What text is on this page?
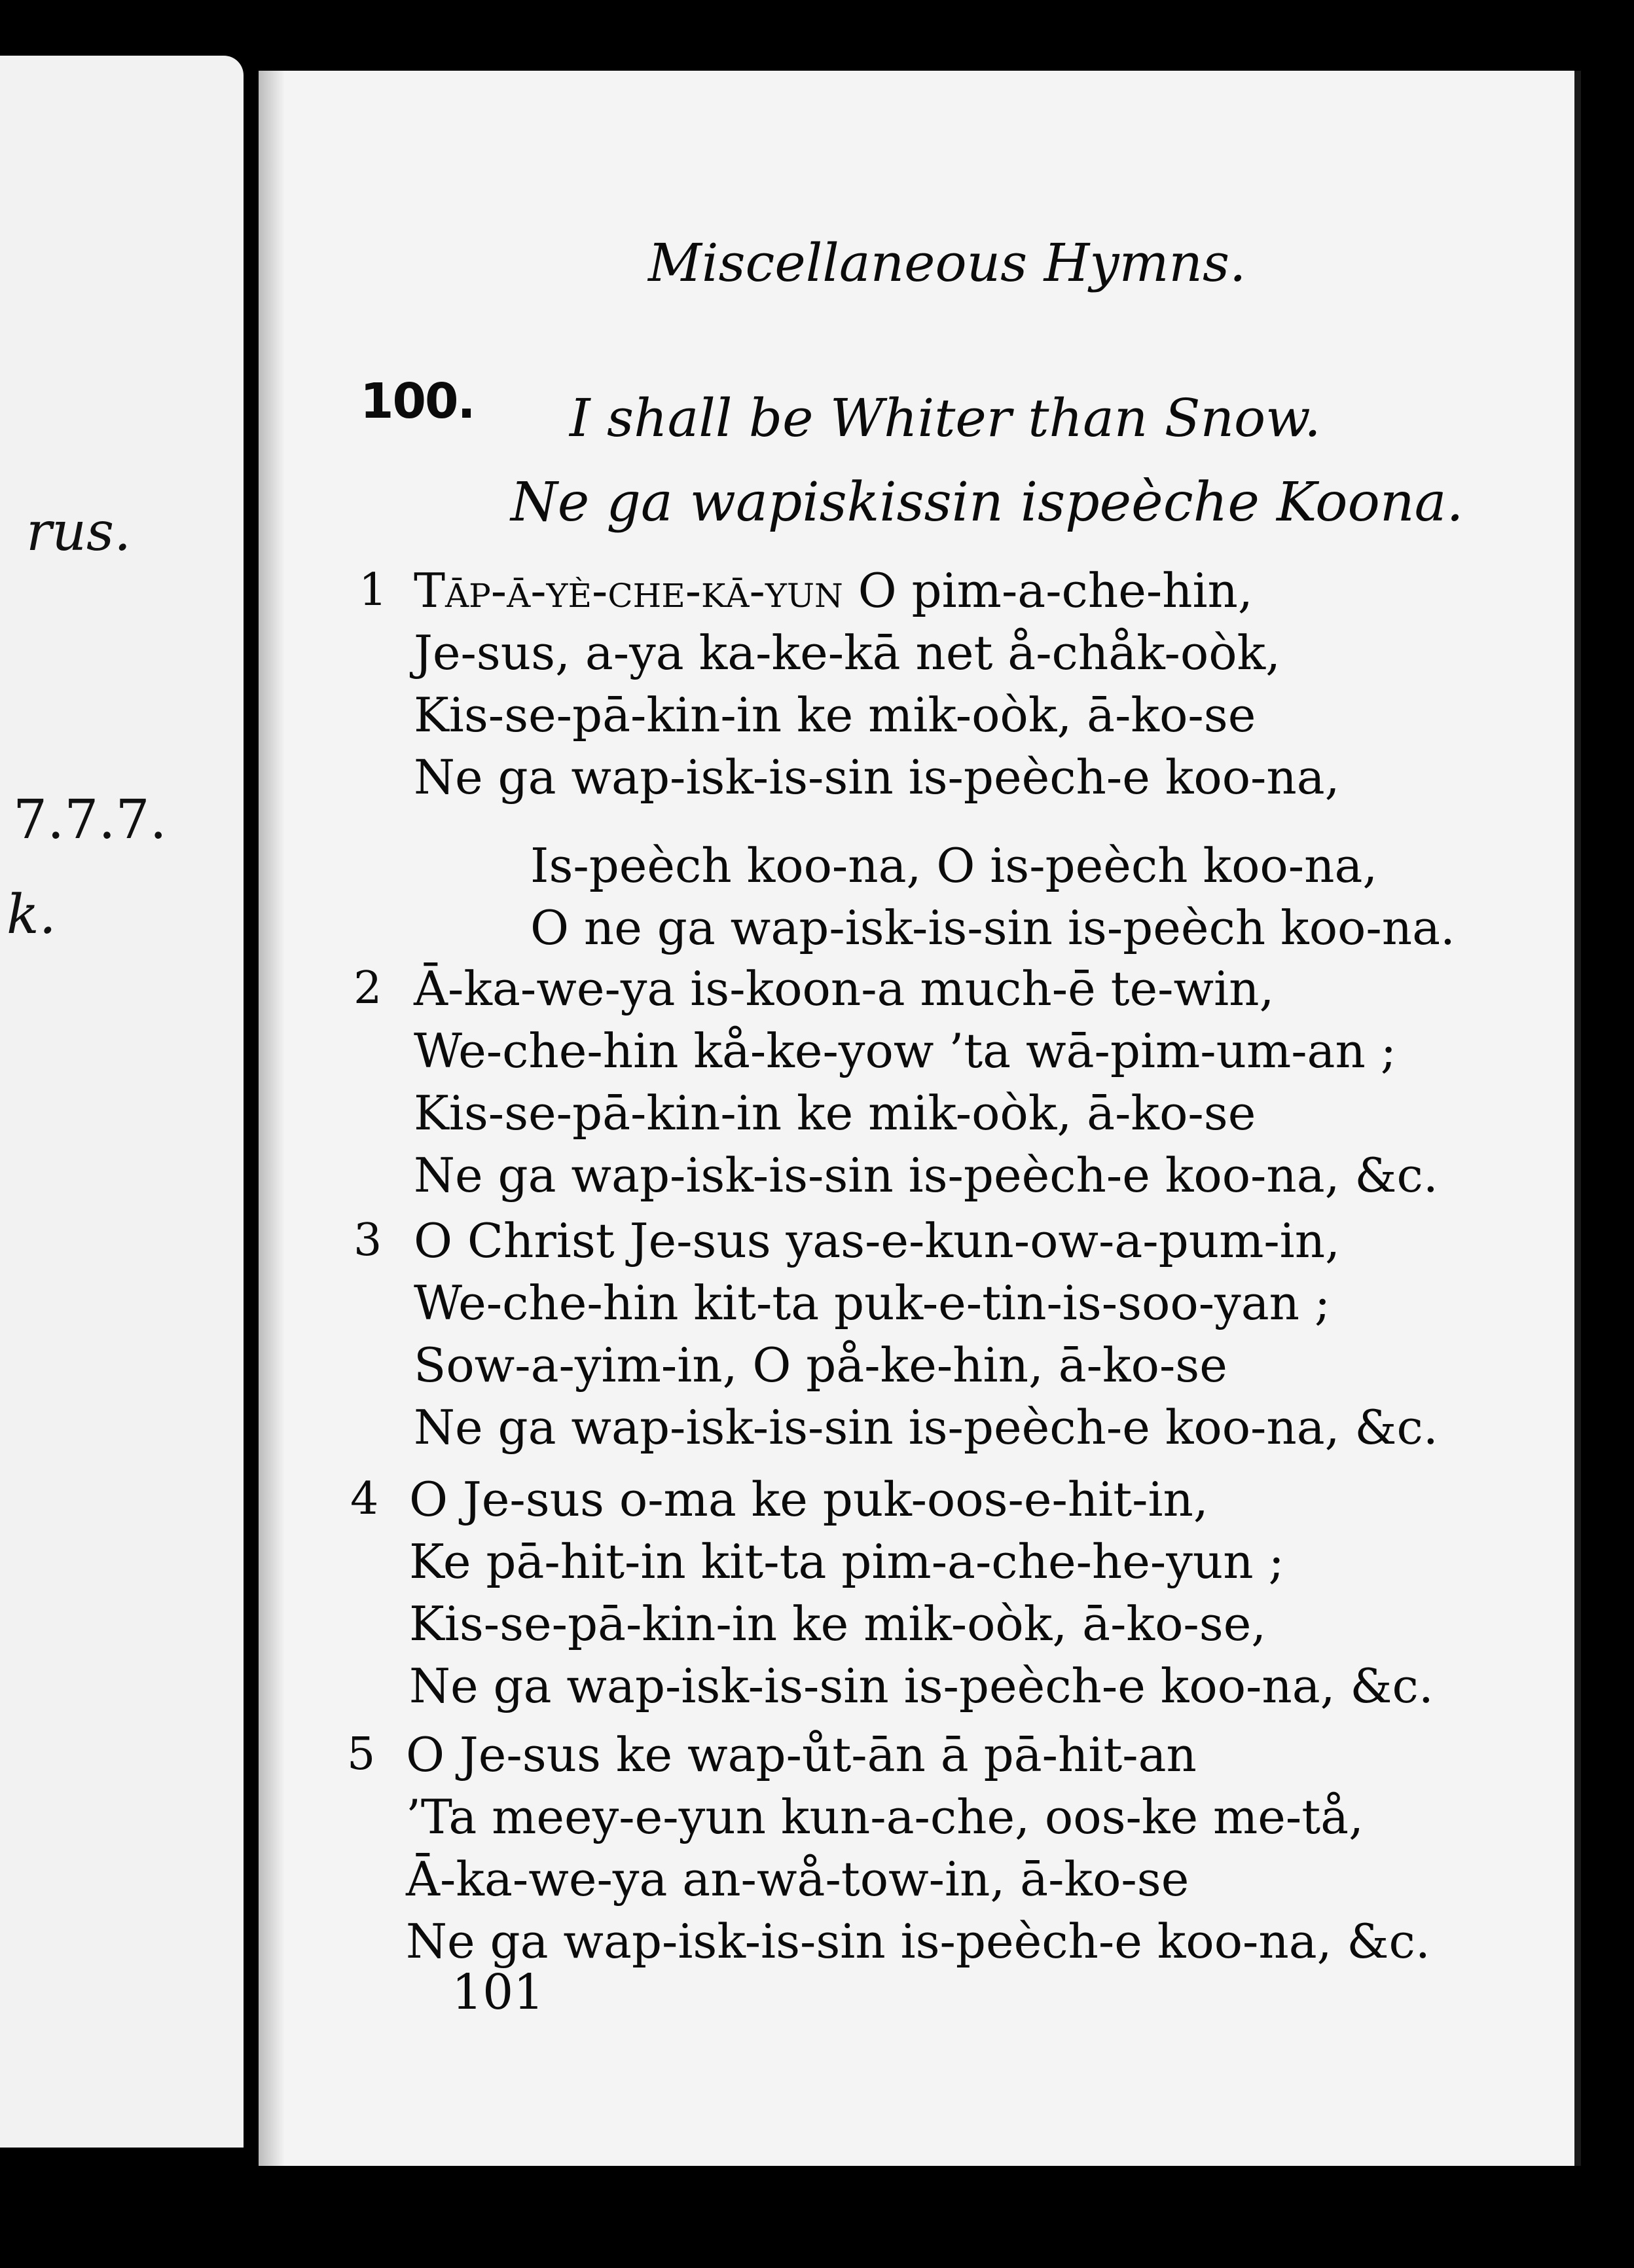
rus.
7.7.7.
k.
Miscellaneous Hymns.
100. I shall be Whiter than Snow.
Ne ga wapiskissin ispeèche Koona.
1 Tāp-ā-yè-che-kā-yun O pim-a-che-hin,
Je-sus, a-ya ka-ke-kā net å-chåk-oòk,
Kis-se-pā-kin-in ke mik-oòk, ā-ko-se
Ne ga wap-isk-is-sin is-peèch-e koo-na,
Is-peèch koo-na, O is-peèch koo-na,
O ne ga wap-isk-is-sin is-peèch koo-na.
2 Ā-ka-we-ya is-koon-a much-ē te-win,
We-che-hin kå-ke-yow ’ta wā-pim-um-an ;
Kis-se-pā-kin-in ke mik-oòk, ā-ko-se
Ne ga wap-isk-is-sin is-peèch-e koo-na, &c.
3 O Christ Je-sus yas-e-kun-ow-a-pum-in,
We-che-hin kit-ta puk-e-tin-is-soo-yan ;
Sow-a-yim-in, O på-ke-hin, ā-ko-se
Ne ga wap-isk-is-sin is-peèch-e koo-na, &c.
4 O Je-sus o-ma ke puk-oos-e-hit-in,
Ke pā-hit-in kit-ta pim-a-che-he-yun ;
Kis-se-pā-kin-in ke mik-oòk, ā-ko-se,
Ne ga wap-isk-is-sin is-peèch-e koo-na, &c.
5 O Je-sus ke wap-ůt-ān ā pā-hit-an
’Ta meey-e-yun kun-a-che, oos-ke me-tå,
Ā-ka-we-ya an-wå-tow-in, ā-ko-se
Ne ga wap-isk-is-sin is-peèch-e koo-na, &c.
101
